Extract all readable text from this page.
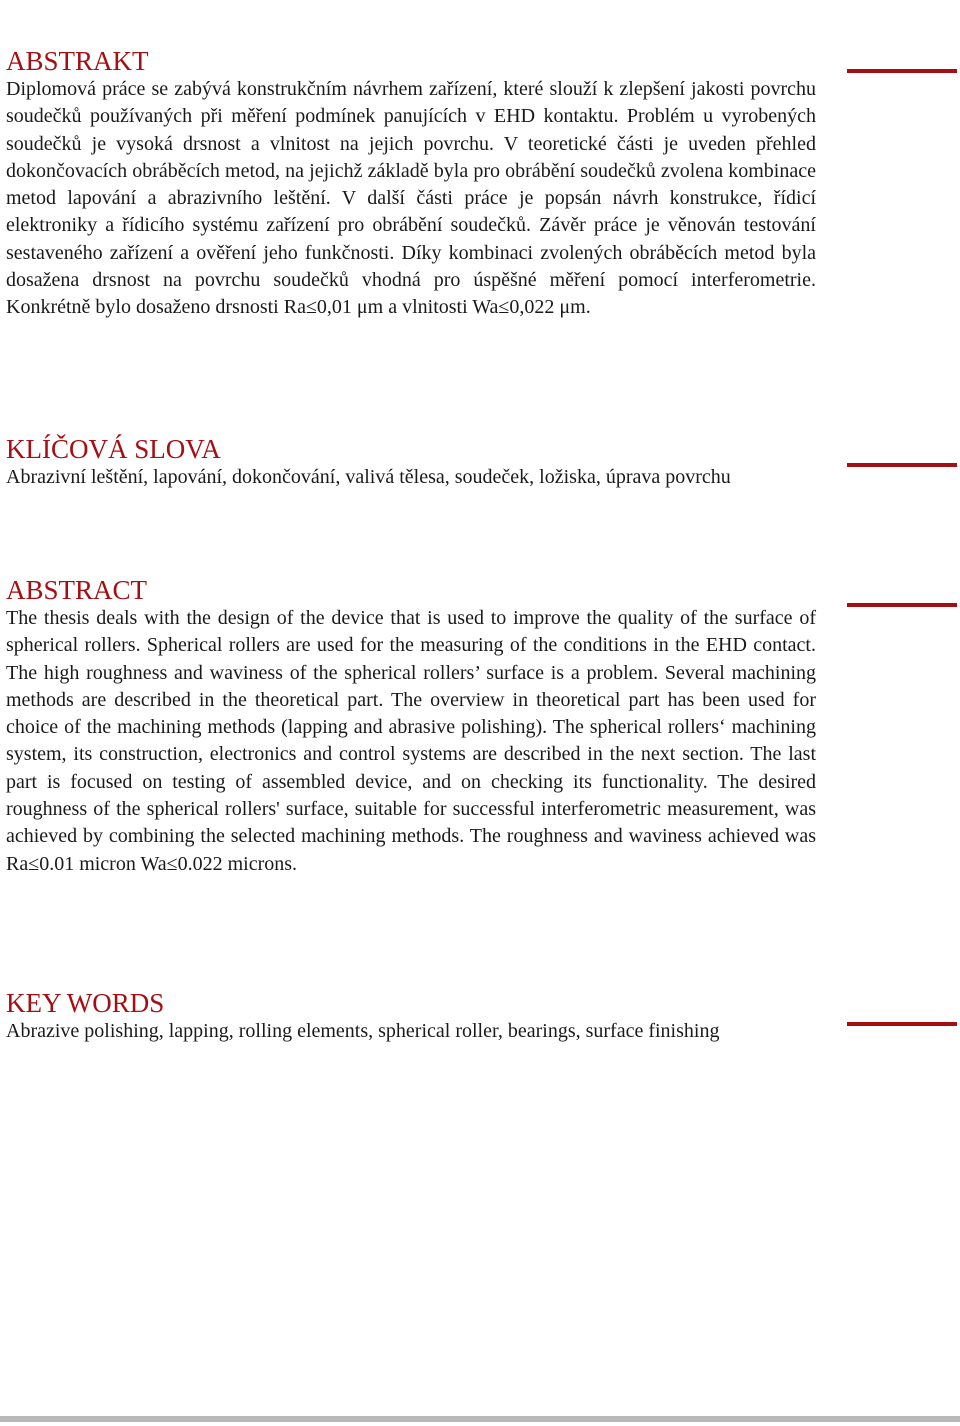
ABSTRAKT

Diplomová práce se zabývá konstrukčním návrhem zařízení, které slouží k zlepšení jakosti povrchu soudečků používaných při měření podmínek panujících v EHD kontaktu. Problém u vyrobených soudečků je vysoká drsnost a vlnitost na jejich povrchu. V teoretické části je uveden přehled dokončovacích obráběcích metod, na jejichž základě byla pro obrábění soudečků zvolena kombinace metod lapování a abrazivního leštění. V další části práce je popsán návrh konstrukce, řídicí elektroniky a řídicího systému zařízení pro obrábění soudečků. Závěr práce je věnován testování sestaveného zařízení a ověření jeho funkčnosti. Díky kombinaci zvolených obráběcích metod byla dosažena drsnost na povrchu soudečků vhodná pro úspěšné měření pomocí interferometrie. Konkrétně bylo dosaženo drsnosti Ra≤0,01 μm a vlnitosti Wa≤0,022 μm.

KLÍČOVÁ SLOVA

Abrazivní leštění, lapování, dokončování, valivá tělesa, soudeček, ložiska, úprava povrchu

ABSTRACT

The thesis deals with the design of the device that is used to improve the quality of the surface of spherical rollers. Spherical rollers are used for the measuring of the conditions in the EHD contact. The high roughness and waviness of the spherical rollers’ surface is a problem. Several machining methods are described in the theoretical part. The overview in theoretical part has been used for choice of the machining methods (lapping and abrasive polishing). The spherical rollers‘ machining system, its construction, electronics and control systems are described in the next section. The last part is focused on testing of assembled device, and on checking its functionality. The desired roughness of the spherical rollers' surface, suitable for successful interferometric measurement, was achieved by combining the selected machining methods. The roughness and waviness achieved was Ra≤0.01 micron Wa≤0.022 microns.

KEY WORDS

Abrazive polishing, lapping, rolling elements, spherical roller, bearings, surface finishing
